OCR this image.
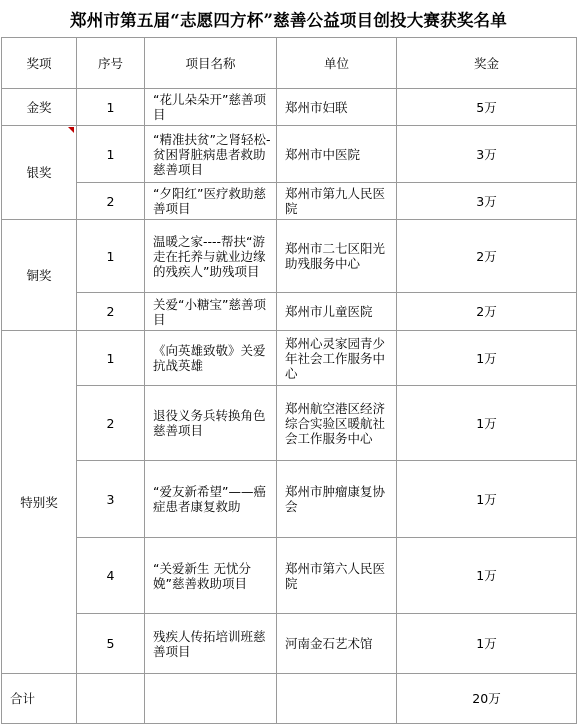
郑州市第五届“志愿四方杯”慈善公益项目创投大赛获奖名单
奖项	序号	项目名称	单位	奖金
金奖	1	“花儿朵朵开”慈善项目	郑州市妇联	5万
银奖	1	“精准扶贫”之肾轻松-贫困肾脏病患者救助慈善项目	郑州市中医院	3万
	2	“夕阳红”医疗救助慈善项目	郑州市第九人民医院	3万
铜奖	1	温暖之家----帮扶“游走在托养与就业边缘的残疾人”助残项目	郑州市二七区阳光助残服务中心	2万
	2	关爱“小糖宝”慈善项目	郑州市儿童医院	2万
特别奖	1	《向英雄致敬》关爱抗战英雄	郑州心灵家园青少年社会工作服务中心	1万
	2	退役义务兵转换角色慈善项目	郑州航空港区经济综合实验区暖航社会工作服务中心	1万
	3	“爱友新希望”——癌症患者康复救助	郑州市肿瘤康复协会	1万
	4	“关爱新生 无忧分娩”慈善救助项目	郑州市第六人民医院	1万
	5	残疾人传拓培训班慈善项目	河南金石艺术馆	1万
合计				20万
